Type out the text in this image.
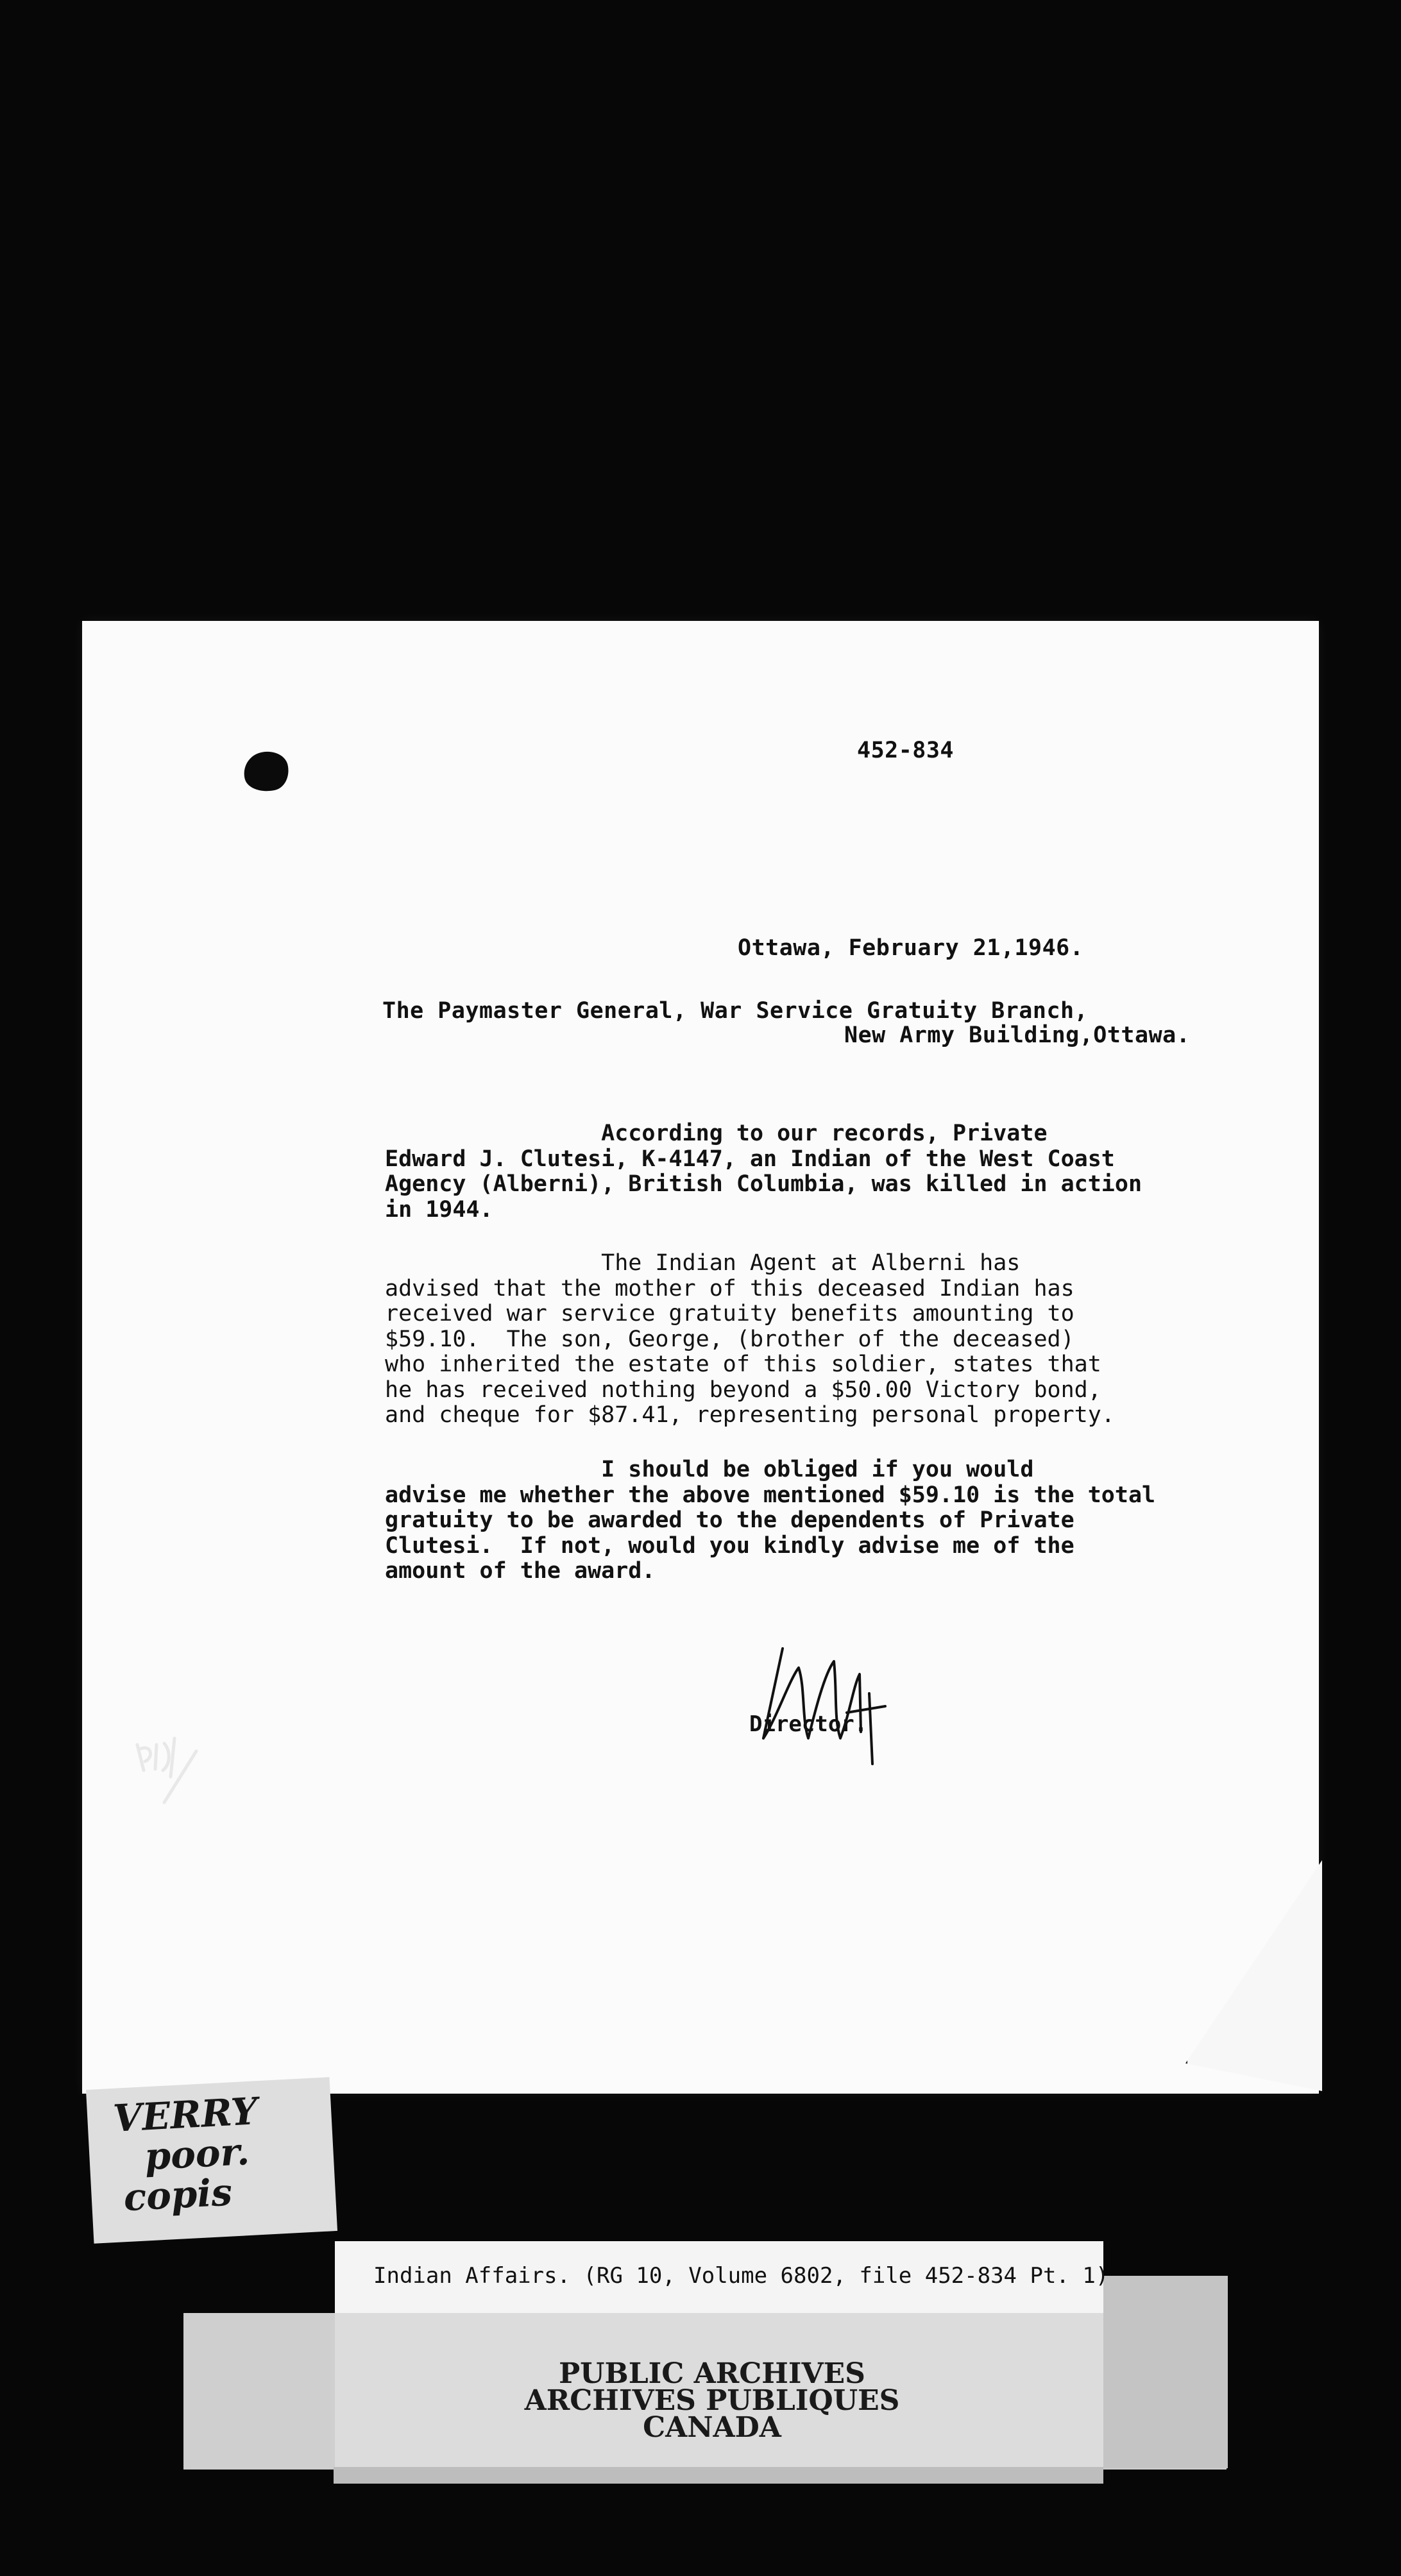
452-834
Ottawa, February 21,1946.
The Paymaster General, War Service Gratuity Branch,
New Army Building,Ottawa.
According to our records, Private
Edward J. Clutesi, K-4147, an Indian of the West Coast
Agency (Alberni), British Columbia, was killed in action
in 1944.
The Indian Agent at Alberni has
advised that the mother of this deceased Indian has
received war service gratuity benefits amounting to
$59.10.  The son, George, (brother of the deceased)
who inherited the estate of this soldier, states that
he has received nothing beyond a $50.00 Victory bond,
and cheque for $87.41, representing personal property.
I should be obliged if you would
advise me whether the above mentioned $59.10 is the total
gratuity to be awarded to the dependents of Private
Clutesi.  If not, would you kindly advise me of the
amount of the award.
Director.
VERRY
poor.
copis
Indian Affairs. (RG 10, Volume 6802, file 452-834 Pt. 1)
PUBLIC ARCHIVES
ARCHIVES PUBLIQUES
CANADA
